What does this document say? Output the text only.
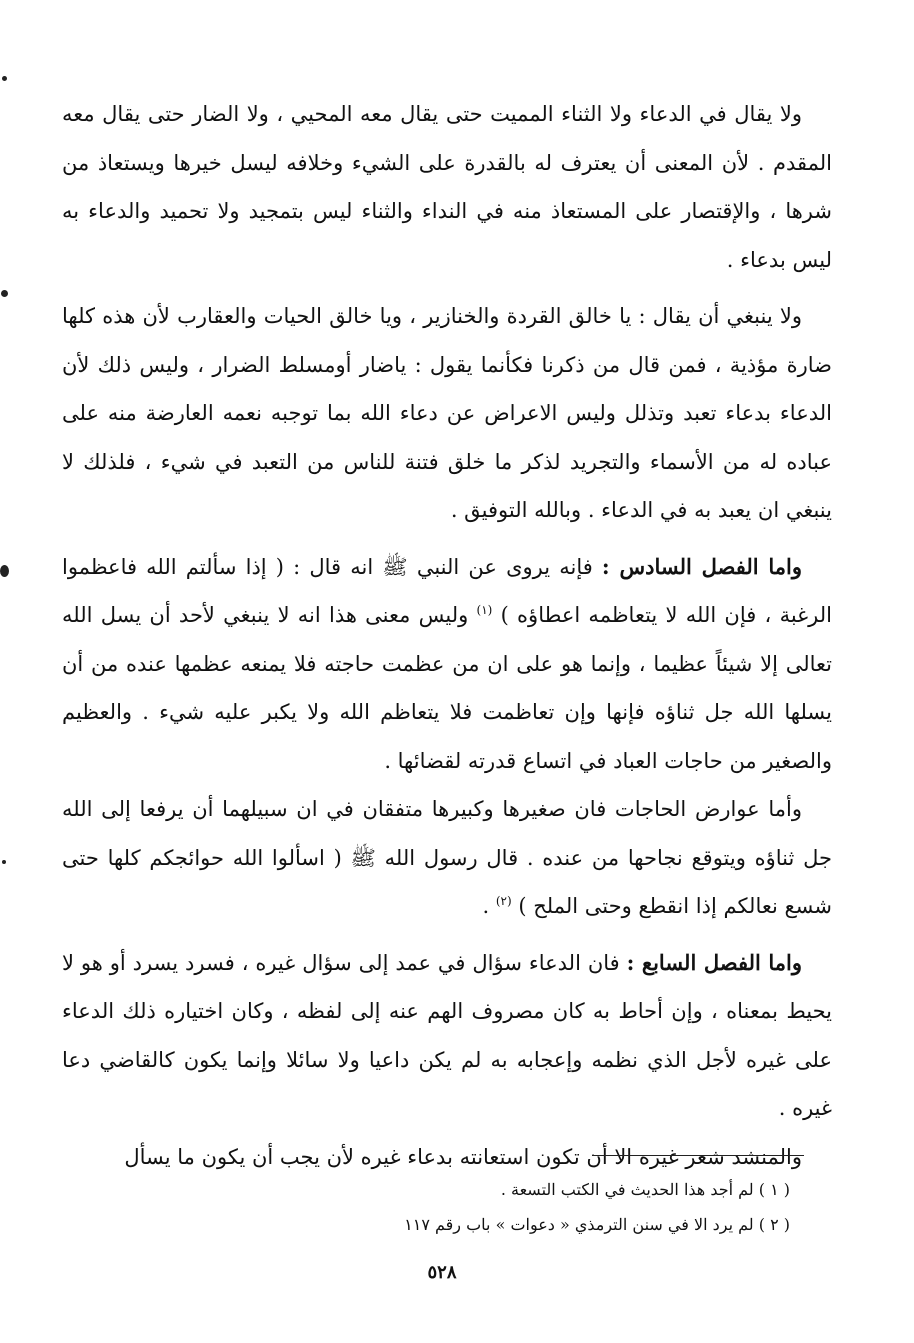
ولا يقال في الدعاء ولا الثناء المميت حتى يقال معه المحيي ، ولا الضار حتى يقال معه المقدم . لأن المعنى أن يعترف له بالقدرة على الشيء وخلافه ليسل خيرها ويستعاذ من شرها ، والإقتصار على المستعاذ منه في النداء والثناء ليس بتمجيد ولا تحميد والدعاء به ليس بدعاء .

ولا ينبغي أن يقال : يا خالق القردة والخنازير ، ويا خالق الحيات والعقارب لأن هذه كلها ضارة مؤذية ، فمن قال من ذكرنا فكأنما يقول : ياضار أومسلط الضرار ، وليس ذلك لأن الدعاء بدعاء تعبد وتذلل وليس الاعراض عن دعاء الله بما توجبه نعمه العارضة منه على عباده له من الأسماء والتجريد لذكر ما خلق فتنة للناس من التعبد في شيء ، فلذلك لا ينبغي ان يعبد به في الدعاء . وبالله التوفيق .

واما الفصل السادس : فإنه يروى عن النبي ﷺ انه قال : ( إذا سألتم الله فاعظموا الرغبة ، فإن الله لا يتعاظمه اعطاؤه ) $^{(١)}$ وليس معنى هذا انه لا ينبغي لأحد أن يسل الله تعالى إلا شيئاً عظيما ، وإنما هو على ان من عظمت حاجته فلا يمنعه عظمها عنده من أن يسلها الله جل ثناؤه فإنها وإن تعاظمت فلا يتعاظم الله ولا يكبر عليه شيء . والعظيم والصغير من حاجات العباد في اتساع قدرته لقضائها .

وأما عوارض الحاجات فان صغيرها وكبيرها متفقان في ان سبيلهما أن يرفعا إلى الله جل ثناؤه ويتوقع نجاحها من عنده . قال رسول الله ﷺ ( اسألوا الله حوائجكم كلها حتى شسع نعالكم إذا انقطع وحتى الملح ) $^{(٢)}$ .

واما الفصل السابع : فان الدعاء سؤال في عمد إلى سؤال غيره ، فسرد يسرد أو هو لا يحيط بمعناه ، وإن أحاط به كان مصروف الهم عنه إلى لفظه ، وكان اختياره ذلك الدعاء على غيره لأجل الذي نظمه وإعجابه به لم يكن داعيا ولا سائلا وإنما يكون كالقاضي دعا غيره .

والمنشد شعر غيره الا أن تكون استعانته بدعاء غيره لأن يجب أن يكون ما يسأل

( ١ ) لم أجد هذا الحديث في الكتب التسعة .

( ٢ ) لم يرد الا في سنن الترمذي « دعوات » باب رقم ١١٧

٥٢٨
